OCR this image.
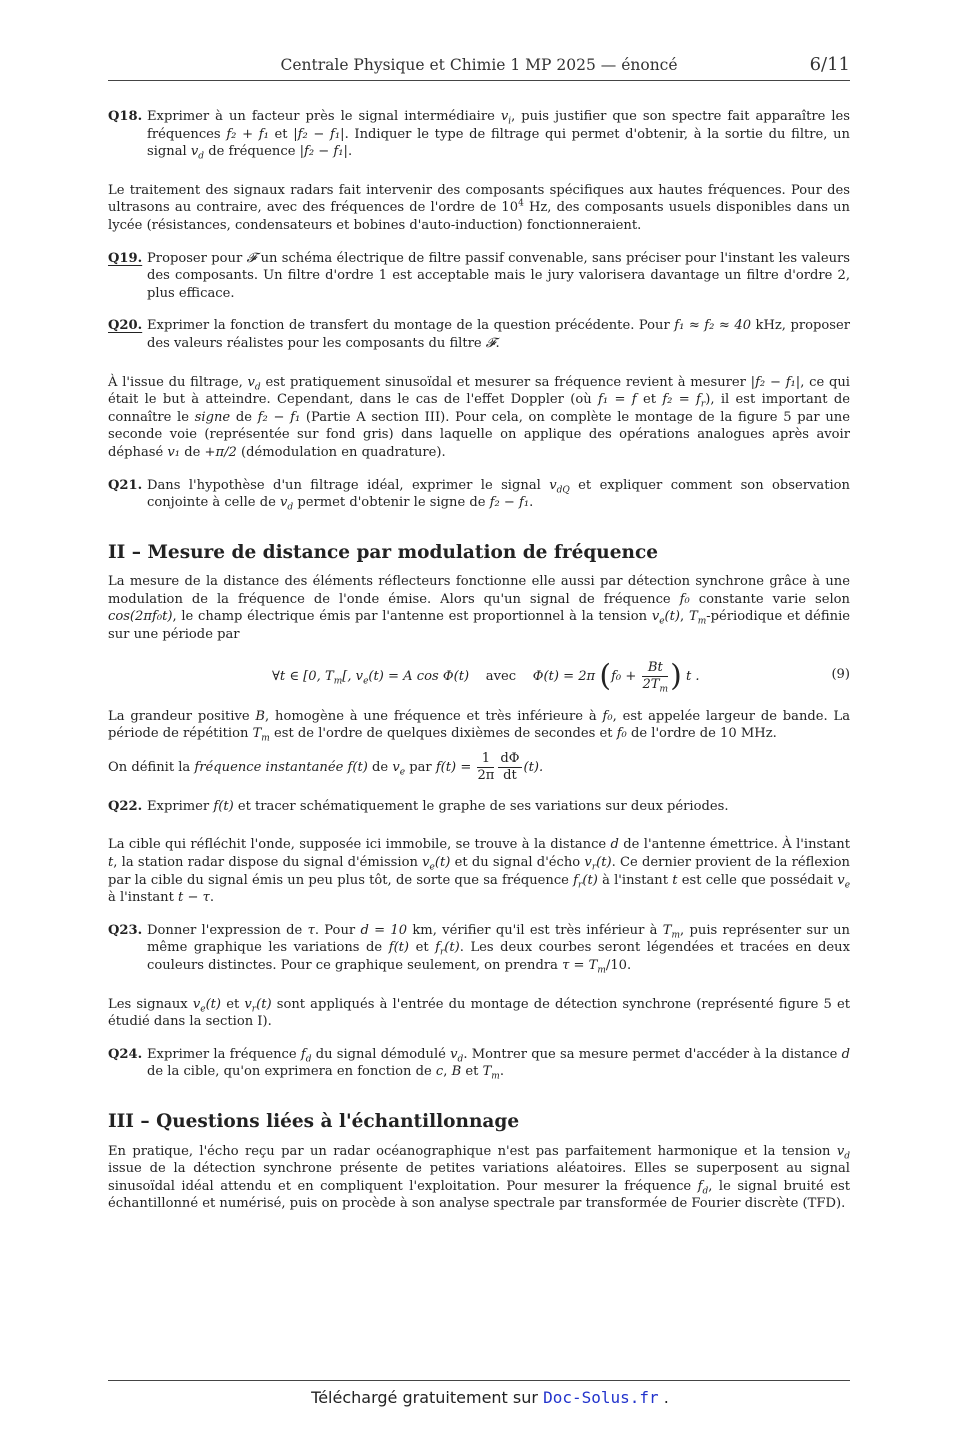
Centrale Physique et Chimie 1 MP 2025 — énoncé	6/11
Q18. Exprimer à un facteur près le signal intermédiaire $v_i$, puis justifier que son spectre fait apparaître les fréquences f₂ + f₁ et |f₂ − f₁|. Indiquer le type de filtrage qui permet d'obtenir, à la sortie du filtre, un signal $v_d$ de fréquence |f₂ − f₁|.

Le traitement des signaux radars fait intervenir des composants spécifiques aux hautes fréquences. Pour des ultrasons au contraire, avec des fréquences de l'ordre de $10^4$ Hz, des composants usuels disponibles dans un lycée (résistances, condensateurs et bobines d'auto-induction) fonctionneraient.

Q19. Proposer pour 𝓕 un schéma électrique de filtre passif convenable, sans préciser pour l'instant les valeurs des composants. Un filtre d'ordre 1 est acceptable mais le jury valorisera davantage un filtre d'ordre 2, plus efficace.
Q20. Exprimer la fonction de transfert du montage de la question précédente. Pour f₁ ≈ f₂ ≈ 40 kHz, proposer des valeurs réalistes pour les composants du filtre 𝓕.

À l'issue du filtrage, $v_d$ est pratiquement sinusoïdal et mesurer sa fréquence revient à mesurer |f₂ − f₁|, ce qui était le but à atteindre. Cependant, dans le cas de l'effet Doppler (où f₁ = f et $f_2 = f_r$), il est important de connaître le signe de f₂ − f₁ (Partie A section III). Pour cela, on complète le montage de la figure 5 par une seconde voie (représentée sur fond gris) dans laquelle on applique des opérations analogues après avoir déphasé v₁ de +π/2 (démodulation en quadrature).

Q21. Dans l'hypothèse d'un filtrage idéal, exprimer le signal $v_{dQ}$ et expliquer comment son observation conjointe à celle de $v_d$ permet d'obtenir le signe de f₂ − f₁.
II – Mesure de distance par modulation de fréquence

La mesure de la distance des éléments réflecteurs fonctionne elle aussi par détection synchrone grâce à une modulation de la fréquence de l'onde émise. Alors qu'un signal de fréquence f₀ constante varie selon cos(2πf₀t), le champ électrique émis par l'antenne est proportionnel à la tension $v_e(t)$, $T_m$-périodique et définie sur une période par

∀t ∈ [0, $T_m$[, $v_e(t) = A$ cos Φ(t) avec Φ(t) = 2π ($f_0 + \frac{Bt}{2T_m}$ ) t .	(9)

La grandeur positive B, homogène à une fréquence et très inférieure à f₀, est appelée largeur de bande. La période de répétition $T_m$ est de l'ordre de quelques dixièmes de secondes et f₀ de l'ordre de 10 MHz.

On définit la fréquence instantanée f(t) de $v_e$ par $f(t) = \frac{1}{2\pi} \frac{d\Phi}{dt} (t)$.

Q22. Exprimer f(t) et tracer schématiquement le graphe de ses variations sur deux périodes.

La cible qui réfléchit l'onde, supposée ici immobile, se trouve à la distance d de l'antenne émettrice. À l'instant t, la station radar dispose du signal d'émission $v_e(t)$ et du signal d'écho $v_r(t)$. Ce dernier provient de la réflexion par la cible du signal émis un peu plus tôt, de sorte que sa fréquence $f_r(t)$ à l'instant t est celle que possédait $v_e$ à l'instant t − τ.

Q23. Donner l'expression de τ. Pour d = 10 km, vérifier qu'il est très inférieur à $T_m$, puis représenter sur un même graphique les variations de f(t) et $f_r(t)$. Les deux courbes seront légendées et tracées en deux couleurs distinctes. Pour ce graphique seulement, on prendra $\tau = T_m/10$.

Les signaux $v_e(t)$ et $v_r(t)$ sont appliqués à l'entrée du montage de détection synchrone (représenté figure 5 et étudié dans la section I).

Q24. Exprimer la fréquence $f_d$ du signal démodulé $v_d$. Montrer que sa mesure permet d'accéder à la distance d de la cible, qu'on exprimera en fonction de c, B et $T_m$.
III – Questions liées à l'échantillonnage

En pratique, l'écho reçu par un radar océanographique n'est pas parfaitement harmonique et la tension $v_d$ issue de la détection synchrone présente de petites variations aléatoires. Elles se superposent au signal sinusoïdal idéal attendu et en compliquent l'exploitation. Pour mesurer la fréquence $f_d$, le signal bruité est échantillonné et numérisé, puis on procède à son analyse spectrale par transformée de Fourier discrète (TFD).

Téléchargé gratuitement sur Doc-Solus.fr .
